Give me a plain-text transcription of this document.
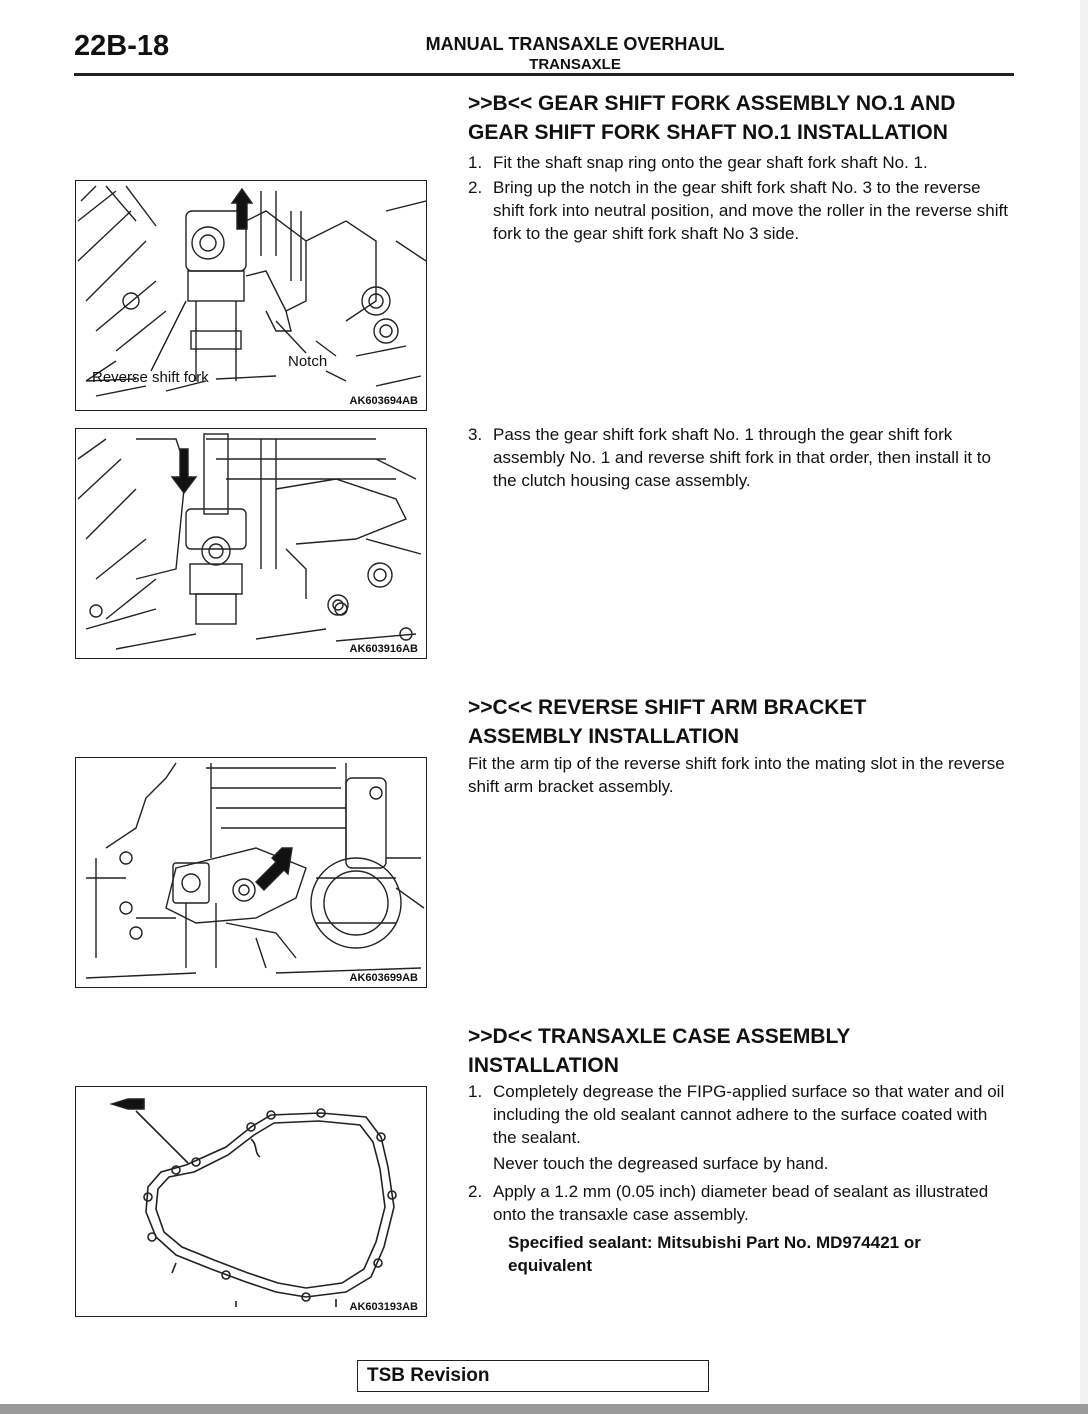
22B-18	MANUAL TRANSAXLE OVERHAUL
TRANSAXLE
>>B<< GEAR SHIFT FORK ASSEMBLY NO.1 AND
GEAR SHIFT FORK SHAFT NO.1 INSTALLATION
1. Fit the shaft snap ring onto the gear shaft fork shaft No. 1.
2. Bring up the notch in the gear shift fork shaft No. 3 to the reverse shift fork into neutral position, and move the roller in the reverse shift fork to the gear shift fork shaft No 3 side.
3. Pass the gear shift fork shaft No. 1 through the gear shift fork assembly No. 1 and reverse shift fork in that order, then install it to the clutch housing case assembly.
>>C<< REVERSE SHIFT ARM BRACKET
ASSEMBLY INSTALLATION
Fit the arm tip of the reverse shift fork into the mating slot in the reverse shift arm bracket assembly.
>>D<< TRANSAXLE CASE ASSEMBLY
INSTALLATION
1. Completely degrease the FIPG-applied surface so that water and oil including the old sealant cannot adhere to the surface coated with the sealant.
Never touch the degreased surface by hand.
2. Apply a 1.2 mm (0.05 inch) diameter bead of sealant as illustrated onto the transaxle case assembly.
Specified sealant: Mitsubishi Part No. MD974421 or
equivalent
Notch
Reverse shift fork
AK603694AB
AK603916AB
AK603699AB
AK603193AB
TSB Revision
